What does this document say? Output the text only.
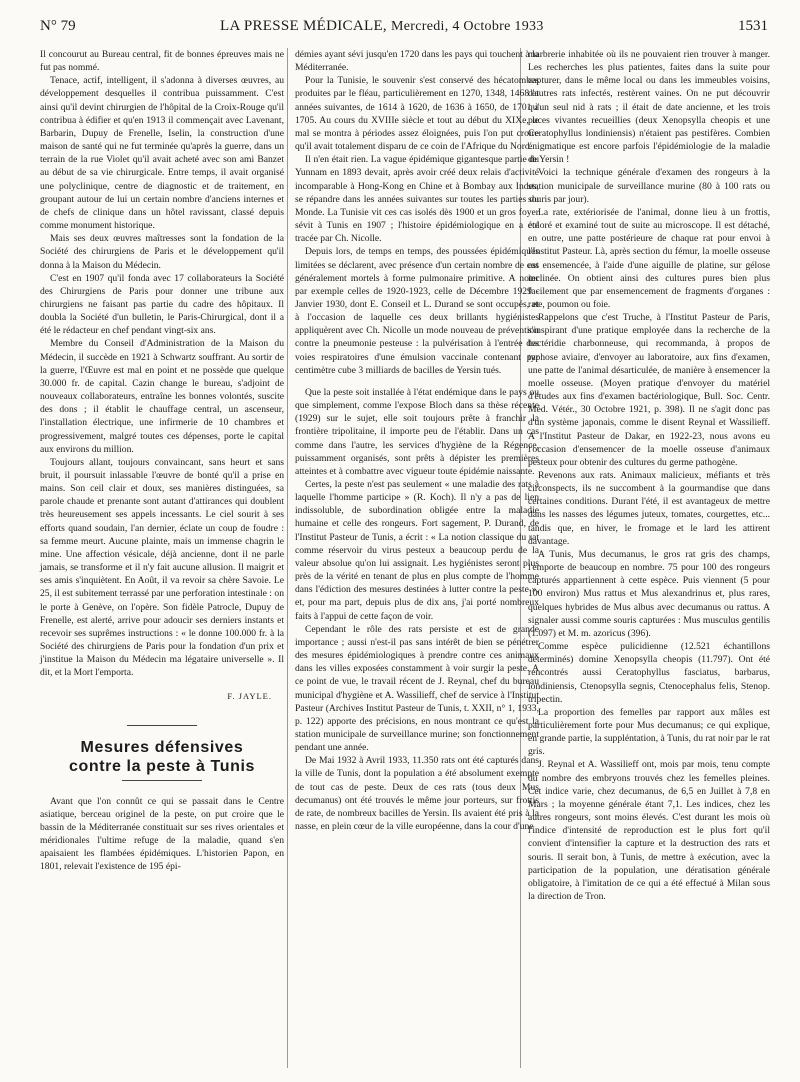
N° 79	LA PRESSE MÉDICALE, Mercredi, 4 Octobre 1933	1531

Il concourut au Bureau central, fit de bonnes épreuves mais ne fut pas nommé.

Tenace, actif, intelligent, il s'adonna à diverses œuvres, au développement desquelles il contribua puissamment. C'est ainsi qu'il devint chirurgien de l'hôpital de la Croix-Rouge qu'il contribua à édifier et qu'en 1913 il commençait avec Lavenant, Barbarin, Dupuy de Frenelle, Iselin, la construction d'une maison de santé qui ne fut terminée qu'après la guerre, dans un terrain de la rue Violet qu'il avait acheté avec son ami Banzet au début de sa vie chirurgicale. Entre temps, il avait organisé une polyclinique, centre de diagnostic et de traitement, en groupant autour de lui un certain nombre d'anciens internes et de chefs de clinique dans un hôtel ravissant, classé depuis comme monument historique.

Mais ses deux œuvres maîtresses sont la fondation de la Société des chirurgiens de Paris et le développement qu'il donna à la Maison du Médecin.

C'est en 1907 qu'il fonda avec 17 collaborateurs la Société des Chirurgiens de Paris pour donner une tribune aux chirurgiens ne faisant pas partie du cadre des hôpitaux. Il doubla la Société d'un bulletin, le Paris-Chirurgical, dont il a été le rédacteur en chef pendant vingt-six ans.

Membre du Conseil d'Administration de la Maison du Médecin, il succède en 1921 à Schwartz souffrant. Au sortir de la guerre, l'Œuvre est mal en point et ne possède que quelque 30.000 fr. de capital. Cazin change le bureau, s'adjoint de nouveaux collaborateurs, entraîne les bonnes volontés, suscite des dons ; il établit le chauffage central, un ascenseur, l'installation électrique, une infirmerie de 10 chambres et progressivement, malgré toutes ces dépenses, porte le capital aux environs du million.

Toujours allant, toujours convaincant, sans heurt et sans bruit, il poursuit inlassable l'œuvre de bonté qu'il a prise en mains. Son ceil clair et doux, ses manières distinguées, sa parole chaude et prenante sont autant d'attirances qui doublent très heureusement ses appels incessants. Le ciel sourit à ses efforts quand soudain, l'an dernier, éclate un coup de foudre : sa femme meurt. Aucune plainte, mais un immense chagrin le mine. Une affection vésicale, déjà ancienne, dont il ne parle jamais, se transforme et il n'y fait aucune allusion. Il maigrit et ses amis s'inquiètent. En Août, il va revoir sa chère Savoie. Le 25, il est subitement terrassé par une perforation intestinale : on le porte à Genève, on l'opère. Son fidèle Patrocle, Dupuy de Frenelle, est alerté, arrive pour adoucir ses derniers instants et recevoir ses suprêmes instructions : « le donne 100.000 fr. à la Société des chirurgiens de Paris pour la fondation d'un prix et j'institue la Maison du Médecin ma légataire universelle ». Il dit, et la Mort l'emporta.

F. JAYLE.
Mesures défensives
contre la peste à Tunis

Avant que l'on connût ce qui se passait dans le Centre asiatique, berceau originel de la peste, on put croire que le bassin de la Méditerranée constituait sur ses rives orientales et méridionales l'ultime refuge de la maladie, quand s'en apaisaient les flambées épidémiques. L'historien Papon, en 1801, relevait l'existence de 195 épi-

démies ayant sévi jusqu'en 1720 dans les pays qui touchent à la Méditerranée.

Pour la Tunisie, le souvenir s'est conservé des hécatombes produites par le fléau, particulièrement en 1270, 1348, 1468 et années suivantes, de 1614 à 1620, de 1636 à 1650, de 1701 à 1705. Au cours du XVIIIe siècle et tout au début du XIXe, le mal se montra à périodes assez éloignées, puis l'on put croire qu'il avait totalement disparu de ce coin de l'Afrique du Nord.

Il n'en était rien. La vague épidémique gigantesque partie du Yunnam en 1893 devait, après avoir créé deux relais d'activité incomparable à Hong-Kong en Chine et à Bombay aux Indes, se répandre dans les années suivantes sur toutes les parties du Monde. La Tunisie vit ces cas isolés dès 1900 et un gros foyer sévit à Tunis en 1907 ; l'histoire épidémiologique en a été tracée par Ch. Nicolle.

Depuis lors, de temps en temps, des poussées épidémiques limitées se déclarent, avec présence d'un certain nombre de cas généralement mortels à forme pulmonaire primitive. A noter par exemple celles de 1920-1923, celle de Décembre 1929 - Janvier 1930, dont E. Conseil et L. Durand se sont occupés, et à l'occasion de laquelle ces deux brillants hygiénistes appliquèrent avec Ch. Nicolle un mode nouveau de prévention contre la pneumonie pesteuse : la pulvérisation à l'entrée des voies respiratoires d'une émulsion vaccinale contenant par centimètre cube 3 milliards de bacilles de Yersin tués.

Que la peste soit installée à l'état endémique dans le pays ou que simplement, comme l'expose Bloch dans sa thèse récente (1929) sur le sujet, elle soit toujours prête à franchir la frontière tripolitaine, il importe peu de l'établir. Dans un cas comme dans l'autre, les services d'hygiène de la Régence, puissamment organisés, sont prêts à dépister les premières atteintes et à combattre avec vigueur toute épidémie naissante.

Certes, la peste n'est pas seulement « une maladie des rats à laquelle l'homme participe » (R. Koch). Il n'y a pas de lien indissoluble, de subordination obligée entre la maladie humaine et celle des rongeurs. Fort sagement, P. Durand, de l'Institut Pasteur de Tunis, a écrit : « La notion classique du rat comme réservoir du virus pesteux a beaucoup perdu de la valeur absolue qu'on lui assignait. Les hygiénistes seront plus près de la vérité en tenant de plus en plus compte de l'homme dans l'édiction des mesures destinées à lutter contre la peste », et, pour ma part, depuis plus de dix ans, j'ai porté nombreux faits à l'appui de cette façon de voir.

Cependant le rôle des rats persiste et est de grande importance ; aussi n'est-il pas sans intérêt de bien se pénétrer des mesures épidémiologiques à prendre contre ces animaux dans les villes exposées constamment à voir surgir la peste. A ce point de vue, le travail récent de J. Reynal, chef du bureau municipal d'hygiène et A. Wassilieff, chef de service à l'Institut Pasteur (Archives Institut Pasteur de Tunis, t. XXII, n° 1, 1933, p. 122) apporte des précisions, en nous montrant ce qu'est la station municipale de surveillance murine; son fonctionnement pendant une année.

De Mai 1932 à Avril 1933, 11.350 rats ont été capturés dans la ville de Tunis, dont la population a été absolument exempte de tout cas de peste. Deux de ces rats (tous deux Mus decumanus) ont été trouvés le même jour porteurs, sur frottis de rate, de nombreux bacilles de Yersin. Ils avaient été pris à la nasse, en plein cœur de la ville européenne, dans la cour d'une

marbrerie inhabitée où ils ne pouvaient rien trouver à manger. Les recherches les plus patientes, faites dans la suite pour capturer, dans le même local ou dans les immeubles voisins, d'autres rats infectés, restèrent vaines. On ne put découvrir qu'un seul nid à rats ; il était de date ancienne, et les trois puces vivantes recueillies (deux Xenopsylla cheopis et une Ceratophyllus londiniensis) n'étaient pas pestifères. Combien énigmatique est encore parfois l'épidémiologie de la maladie de Yersin !

Voici la technique générale d'examen des rongeurs à la station municipale de surveillance murine (80 à 100 rats ou souris par jour).

La rate, extériorisée de l'animal, donne lieu à un frottis, coloré et examiné tout de suite au microscope. Il est détaché, en outre, une patte postérieure de chaque rat pour envoi à l'Institut Pasteur. Là, après section du fémur, la moelle osseuse est ensemencée, à l'aide d'une aiguille de platine, sur gélose inclinée. On obtient ainsi des cultures pures bien plus facilement que par ensemencement de fragments d'organes : rate, poumon ou foie.

Rappelons que c'est Truche, à l'Institut Pasteur de Paris, s'inspirant d'une pratique employée dans la recherche de la bactéridie charbonneuse, qui recommanda, à propos de typhose aviaire, d'envoyer au laboratoire, aux fins d'examen, une patte de l'animal désarticulée, de manière à ensemencer la moelle osseuse. (Moyen pratique d'envoyer du matériel d'études aux fins d'examen bactériologique, Bull. Soc. Centr. Méd. Vétér., 30 Octobre 1921, p. 398). Il ne s'agit donc pas d'un système japonais, comme le disent Reynal et Wassilieff. A l'Institut Pasteur de Dakar, en 1922-23, nous avons eu l'occasion d'ensemencer de la moelle osseuse d'animaux pesteux pour obtenir des cultures du germe pathogène.

Revenons aux rats. Animaux malicieux, méfiants et très circonspects, ils ne succombent à la gourmandise que dans certaines conditions. Durant l'été, il est avantageux de mettre dans les nasses des légumes juteux, tomates, courgettes, etc... tandis que, en hiver, le fromage et le lard les attirent davantage.

A Tunis, Mus decumanus, le gros rat gris des champs, l'emporte de beaucoup en nombre. 75 pour 100 des rongeurs capturés appartiennent à cette espèce. Puis viennent (5 pour 100 environ) Mus rattus et Mus alexandrinus et, plus rares, quelques hybrides de Mus albus avec decumanus ou rattus. A signaler aussi comme souris capturées : Mus musculus gentilis (1.097) et M. m. azoricus (396).

Comme espèce pulicidienne (12.521 échantillons déterminés) domine Xenopsylla cheopis (11.797). Ont été rencontrés aussi Ceratophyllus fasciatus, barbarus, londiniensis, Ctenopsylla segnis, Ctenocephalus felis, Stenop. tripectin.

La proportion des femelles par rapport aux mâles est particulièrement forte pour Mus decumanus; ce qui explique, en grande partie, la suppléntation, à Tunis, du rat noir par le rat gris.

J. Reynal et A. Wassilieff ont, mois par mois, tenu compte du nombre des embryons trouvés chez les femelles pleines. Cet indice varie, chez decumanus, de 6,5 en Juillet à 7,8 en Mars ; la moyenne générale étant 7,1. Les indices, chez les autres rongeurs, sont moins élevés. C'est durant les mois où l'indice d'intensité de reproduction est le plus fort qu'il convient d'intensifier la capture et la destruction des rats et souris. Il serait bon, à Tunis, de mettre à exécution, avec la participation de la population, une dératisation générale obligatoire, à l'imitation de ce qui a été effectué à Milan sous la direction de Tron.
